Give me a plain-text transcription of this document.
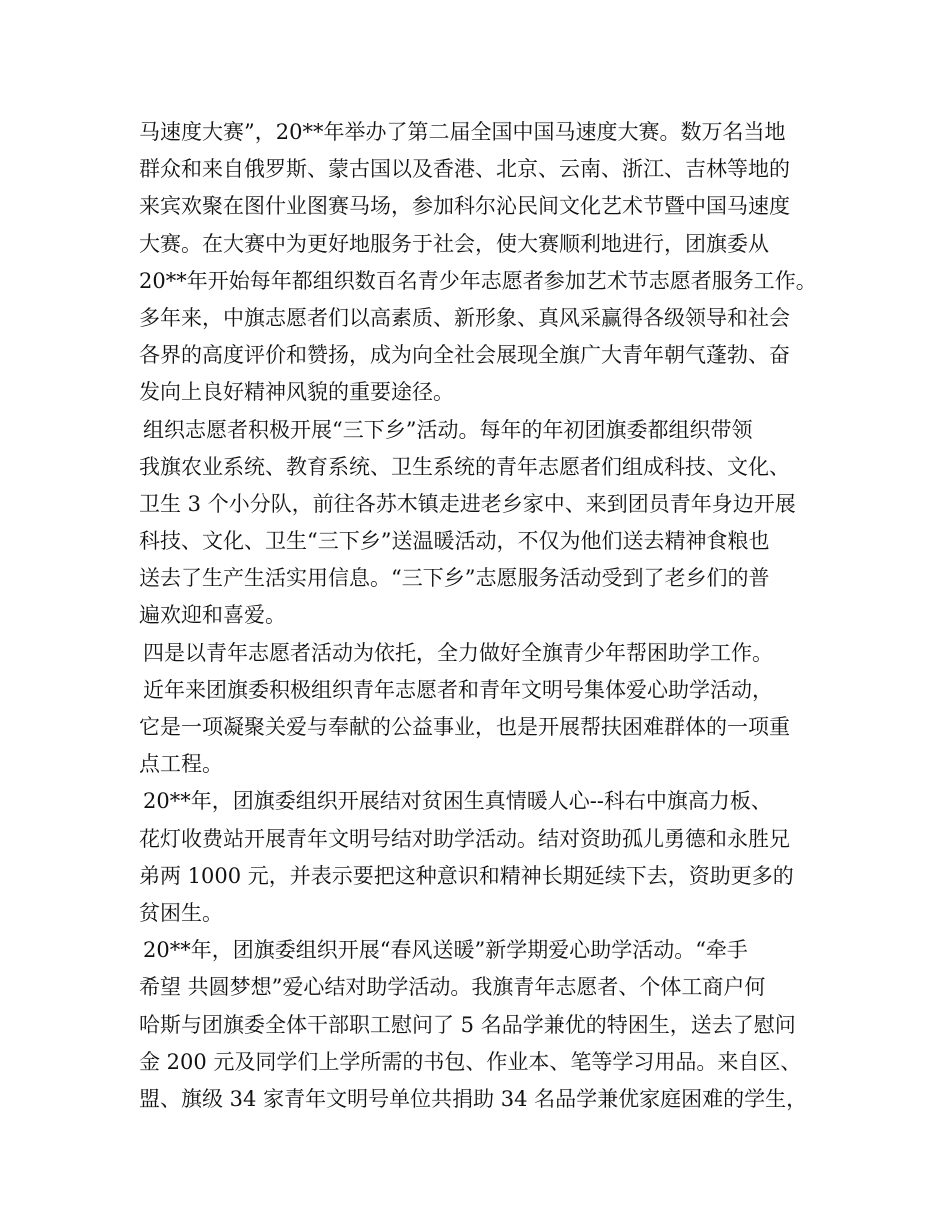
马速度大赛”，20**年举办了第二届全国中国马速度大赛。数万名当地
群众和来自俄罗斯、蒙古国以及香港、北京、云南、浙江、吉林等地的
来宾欢聚在图什业图赛马场，参加科尔沁民间文化艺术节暨中国马速度
大赛。在大赛中为更好地服务于社会，使大赛顺利地进行，团旗委从
20**年开始每年都组织数百名青少年志愿者参加艺术节志愿者服务工作。
多年来，中旗志愿者们以高素质、新形象、真风采赢得各级领导和社会
各界的高度评价和赞扬，成为向全社会展现全旗广大青年朝气蓬勃、奋
发向上良好精神风貌的重要途径。
组织志愿者积极开展“三下乡”活动。每年的年初团旗委都组织带领
我旗农业系统、教育系统、卫生系统的青年志愿者们组成科技、文化、
卫生 3 个小分队，前往各苏木镇走进老乡家中、来到团员青年身边开展
科技、文化、卫生“三下乡”送温暖活动，不仅为他们送去精神食粮也
送去了生产生活实用信息。“三下乡”志愿服务活动受到了老乡们的普
遍欢迎和喜爱。
四是以青年志愿者活动为依托，全力做好全旗青少年帮困助学工作。
近年来团旗委积极组织青年志愿者和青年文明号集体爱心助学活动，
它是一项凝聚关爱与奉献的公益事业，也是开展帮扶困难群体的一项重
点工程。
20**年，团旗委组织开展结对贫困生真情暖人心--科右中旗高力板、
花灯收费站开展青年文明号结对助学活动。结对资助孤儿勇德和永胜兄
弟两 1000 元，并表示要把这种意识和精神长期延续下去，资助更多的
贫困生。
20**年，团旗委组织开展“春风送暖”新学期爱心助学活动。“牵手
希望 共圆梦想”爱心结对助学活动。我旗青年志愿者、个体工商户何
哈斯与团旗委全体干部职工慰问了 5 名品学兼优的特困生，送去了慰问
金 200 元及同学们上学所需的书包、作业本、笔等学习用品。来自区、
盟、旗级 34 家青年文明号单位共捐助 34 名品学兼优家庭困难的学生，
